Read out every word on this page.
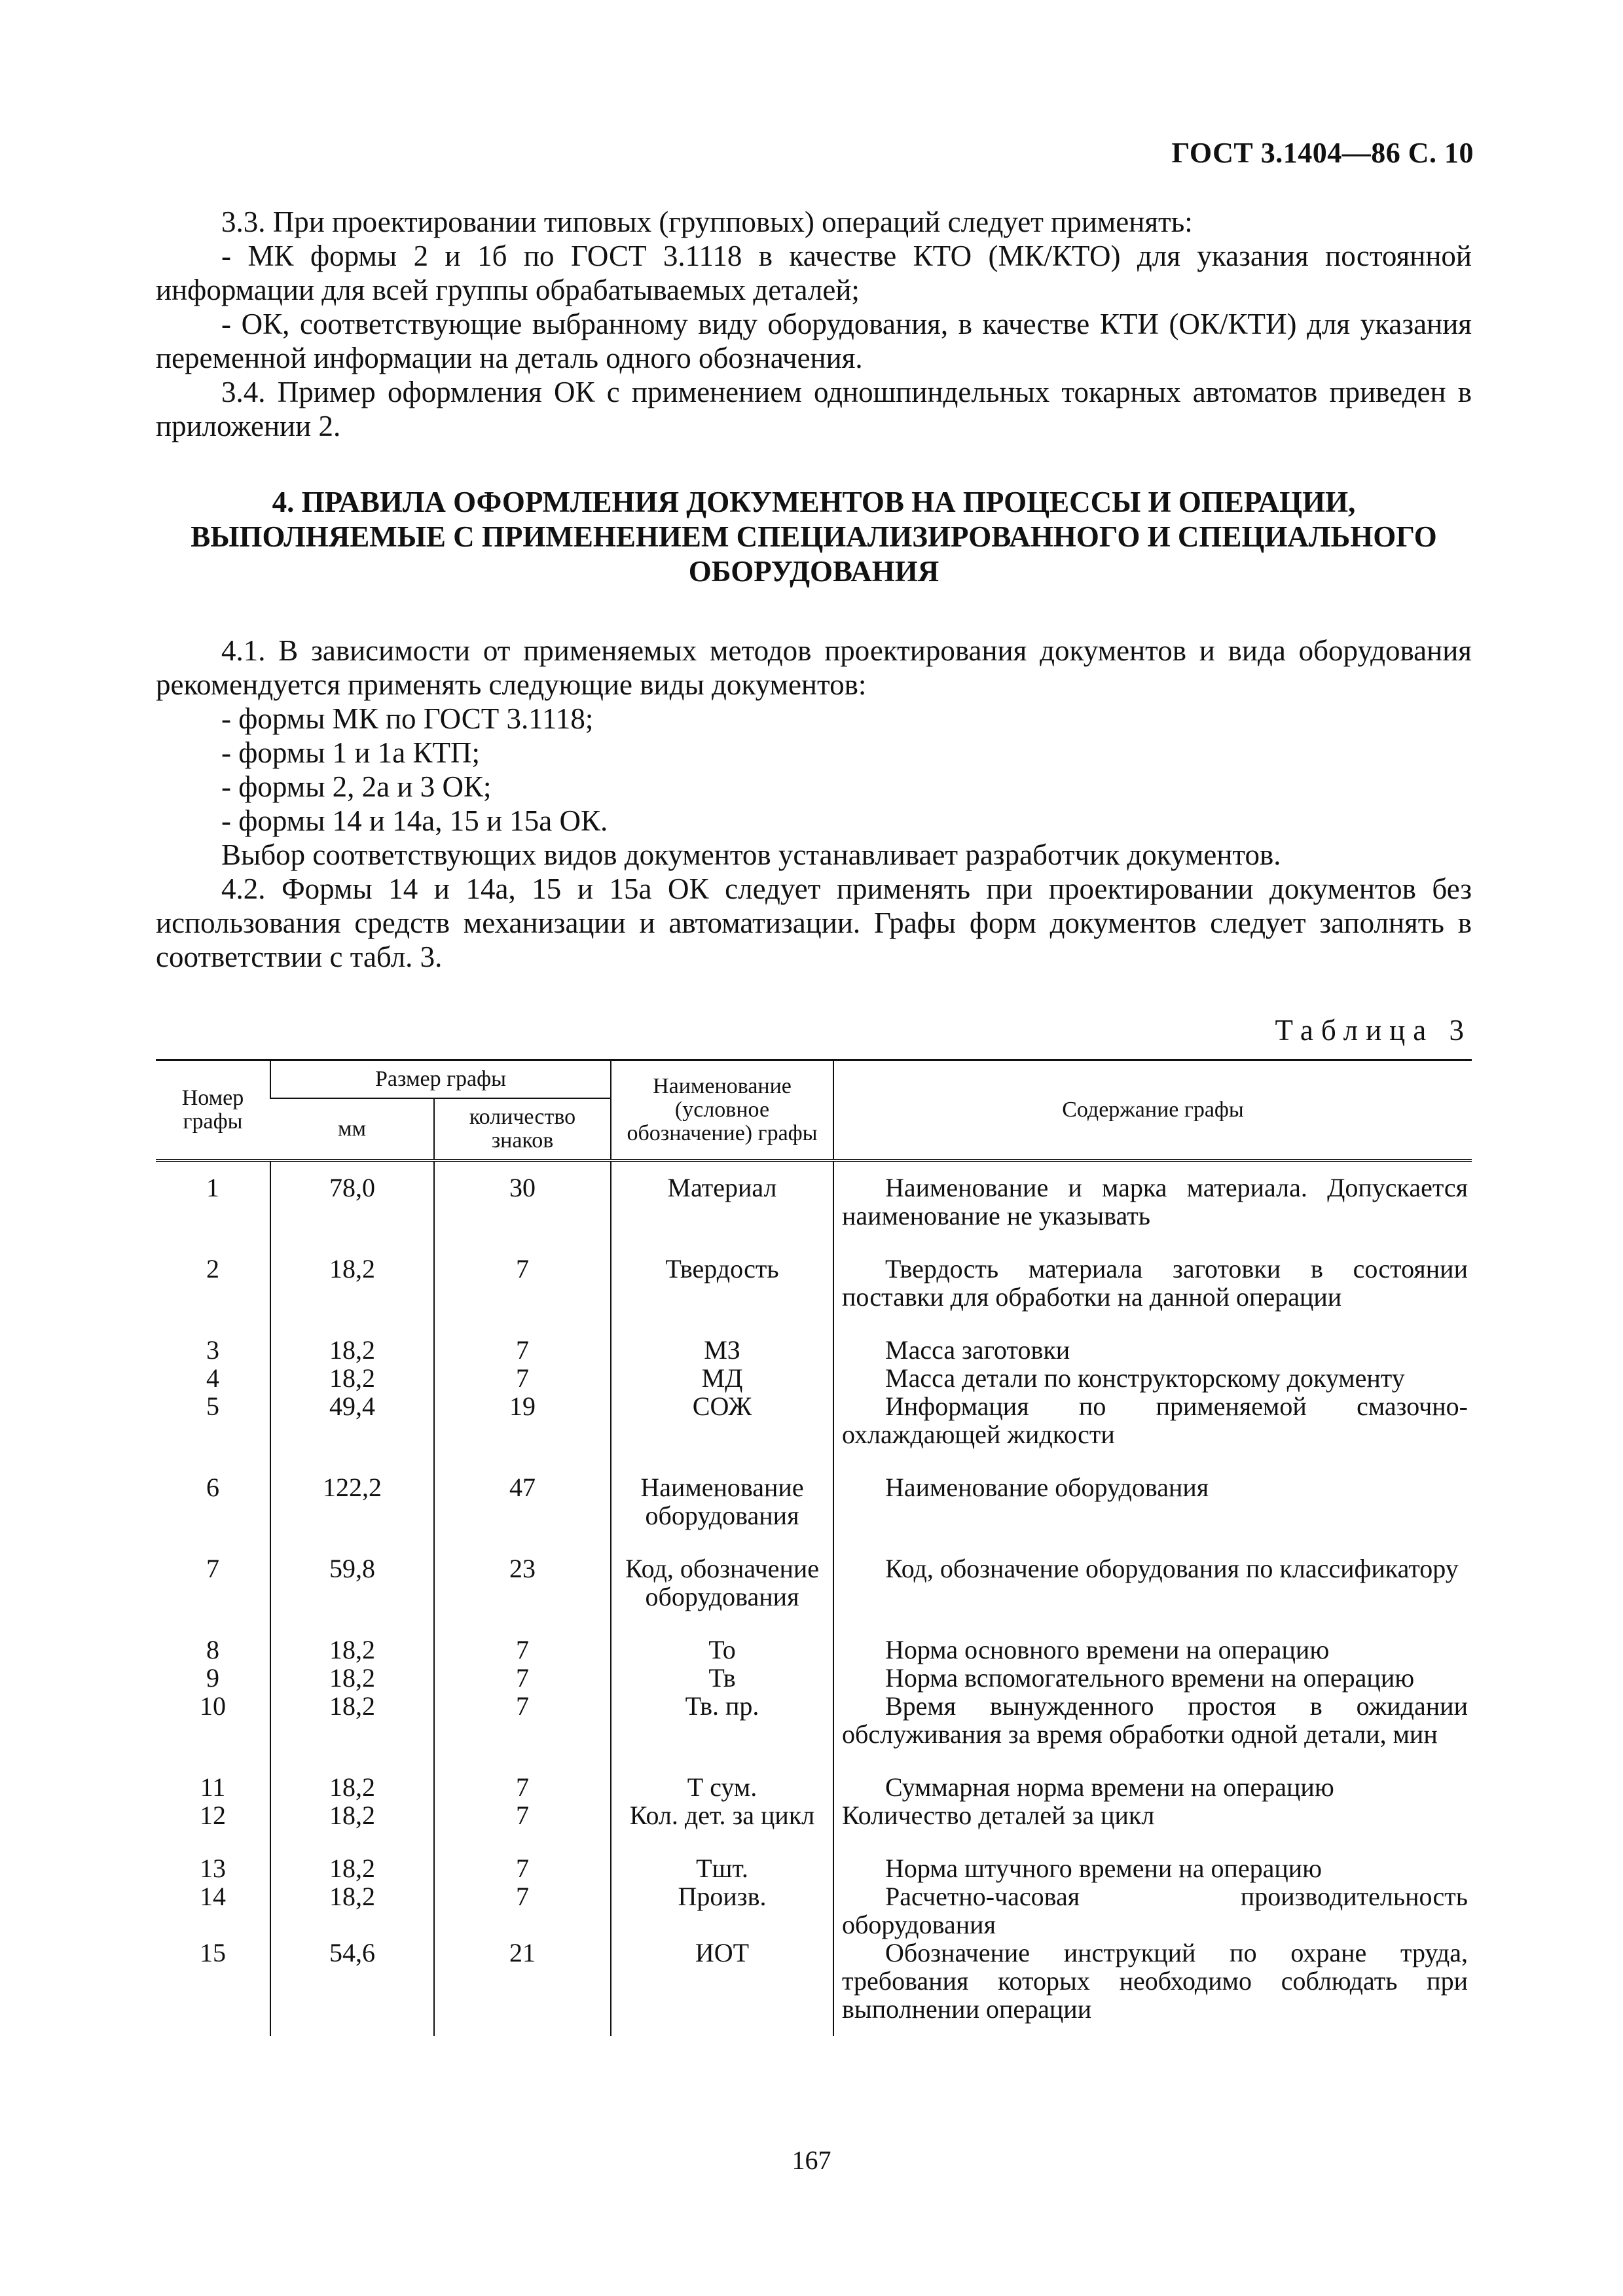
ГОСТ 3.1404—86 С. 10

3.3. При проектировании типовых (групповых) операций следует применять:

- МК формы 2 и 1б по ГОСТ 3.1118 в качестве КТО (МК/КТО) для указания постоянной информации для всей группы обрабатываемых деталей;

- ОК, соответствующие выбранному виду оборудования, в качестве КТИ (ОК/КТИ) для указания переменной информации на деталь одного обозначения.

3.4. Пример оформления ОК с применением одношпиндельных токарных автоматов приведен в приложении 2.

4. ПРАВИЛА ОФОРМЛЕНИЯ ДОКУМЕНТОВ НА ПРОЦЕССЫ И ОПЕРАЦИИ,
ВЫПОЛНЯЕМЫЕ С ПРИМЕНЕНИЕМ СПЕЦИАЛИЗИРОВАННОГО И СПЕЦИАЛЬНОГО
ОБОРУДОВАНИЯ

4.1. В зависимости от применяемых методов проектирования документов и вида оборудования рекомендуется применять следующие виды документов:

- формы МК по ГОСТ 3.1118;

- формы 1 и 1а КТП;

- формы 2, 2а и 3 ОК;

- формы 14 и 14а, 15 и 15а ОК.

Выбор соответствующих видов документов устанавливает разработчик документов.

4.2. Формы 14 и 14а, 15 и 15а ОК следует применять при проектировании документов без использования средств механизации и автоматизации. Графы форм документов следует заполнять в соответствии с табл. 3.

Таблица 3
Номер графы	Размер графы		Наименование (условное обозначение) графы	Содержание графы
	мм	количество знаков		
1	78,0	30	Материал	Наименование и марка материала. Допускается наименование не указывать
2	18,2	7	Твердость	Твердость материала заготовки в состоянии поставки для обработки на данной операции
3	18,2	7	МЗ	Масса заготовки
4	18,2	7	МД	Масса детали по конструкторскому документу
5	49,4	19	СОЖ	Информация по применяемой смазочно-охлаждающей жидкости
6	122,2	47	Наименование оборудования	Наименование оборудования
7	59,8	23	Код, обозначение оборудования	Код, обозначение оборудования по классификатору
8	18,2	7	То	Норма основного времени на операцию
9	18,2	7	Тв	Норма вспомогательного времени на операцию
10	18,2	7	Тв. пр.	Время вынужденного простоя в ожидании обслуживания за время обработки одной детали, мин
11	18,2	7	Т сум.	Суммарная норма времени на операцию
12	18,2	7	Кол. дет. за цикл	Количество деталей за цикл
13	18,2	7	Тшт.	Норма штучного времени на операцию
14	18,2	7	Произв.	Расчетно-часовая производительность оборудования
15	54,6	21	ИОТ	Обозначение инструкций по охране труда, требования которых необходимо соблюдать при выполнении операции
167
